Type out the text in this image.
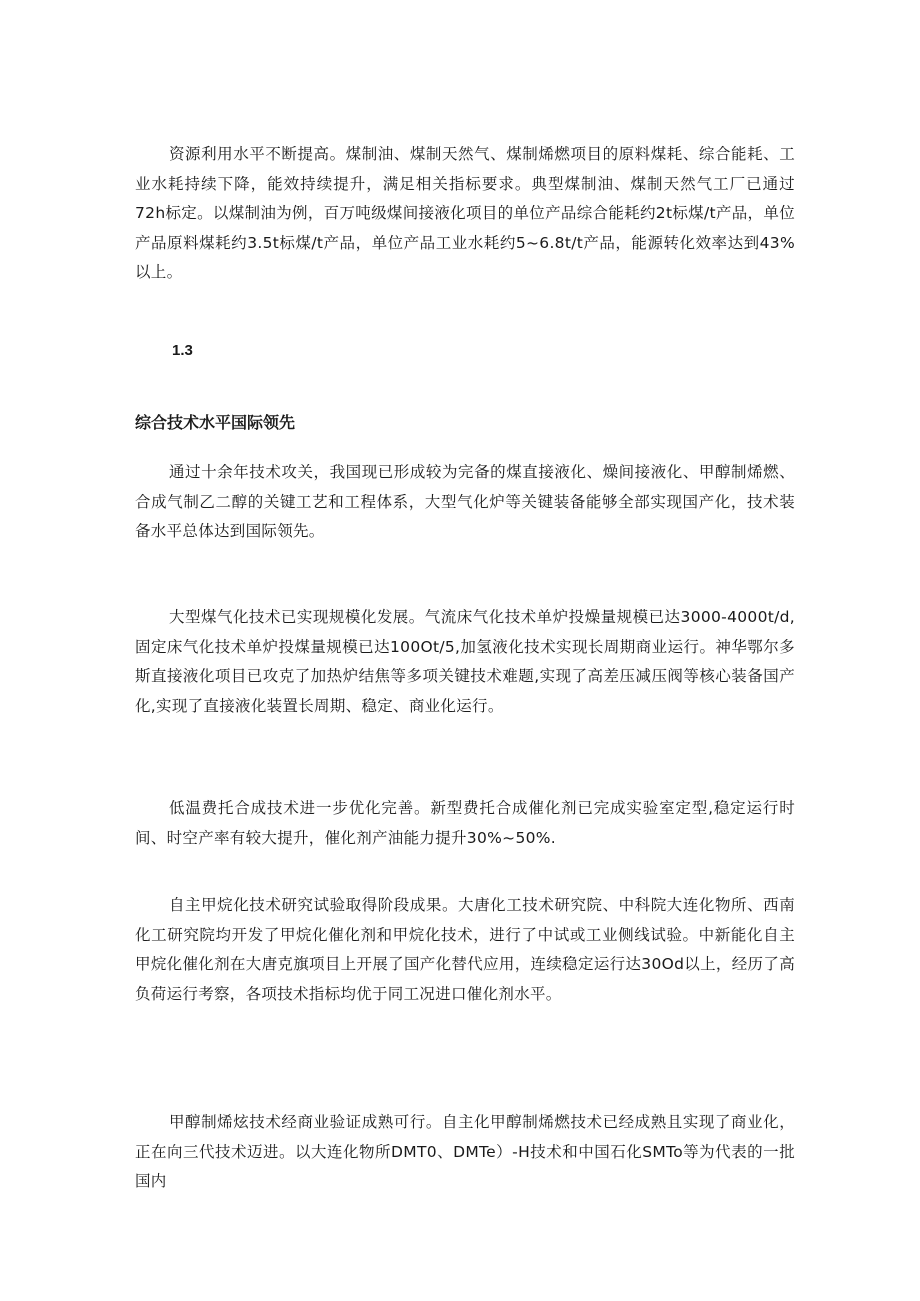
资源利用水平不断提高。煤制油、煤制天然气、煤制烯燃项目的原料煤耗、综合能耗、工业水耗持续下降，能效持续提升，满足相关指标要求。典型煤制油、煤制天然气工厂已通过72h标定。以煤制油为例，百万吨级煤间接液化项目的单位产品综合能耗约2t标煤/t产品，单位产品原料煤耗约3.5t标煤/t产品，单位产品工业水耗约5~6.8t/t产品，能源转化效率达到43%以上。

1.3
综合技术水平国际领先

通过十余年技术攻关，我国现已形成较为完备的煤直接液化、燥间接液化、甲醇制烯燃、合成气制乙二醇的关键工艺和工程体系，大型气化炉等关键装备能够全部实现国产化，技术装备水平总体达到国际领先。

大型煤气化技术已实现规模化发展。气流床气化技术单炉投燥量规模已达3000-4000t/d,固定床气化技术单炉投煤量规模已达100Ot/5,加氢液化技术实现长周期商业运行。神华鄂尔多斯直接液化项目已攻克了加热炉结焦等多项关键技术难题,实现了高差压减压阀等核心装备国产化,实现了直接液化装置长周期、稳定、商业化运行。

低温费托合成技术进一步优化完善。新型费托合成催化剂已完成实验室定型,稳定运行时间、时空产率有较大提升，催化剂产油能力提升30%~50%.

自主甲烷化技术研究试验取得阶段成果。大唐化工技术研究院、中科院大连化物所、西南化工研究院均开发了甲烷化催化剂和甲烷化技术，进行了中试或工业侧线试验。中新能化自主甲烷化催化剂在大唐克旗项目上开展了国产化替代应用，连续稳定运行达30Od以上，经历了高负荷运行考察，各项技术指标均优于同工况进口催化剂水平。

甲醇制烯炫技术经商业验证成熟可行。自主化甲醇制烯燃技术已经成熟且实现了商业化，正在向三代技术迈进。以大连化物所DMT0、DMTe）-H技术和中国石化SMTo等为代表的一批国内
